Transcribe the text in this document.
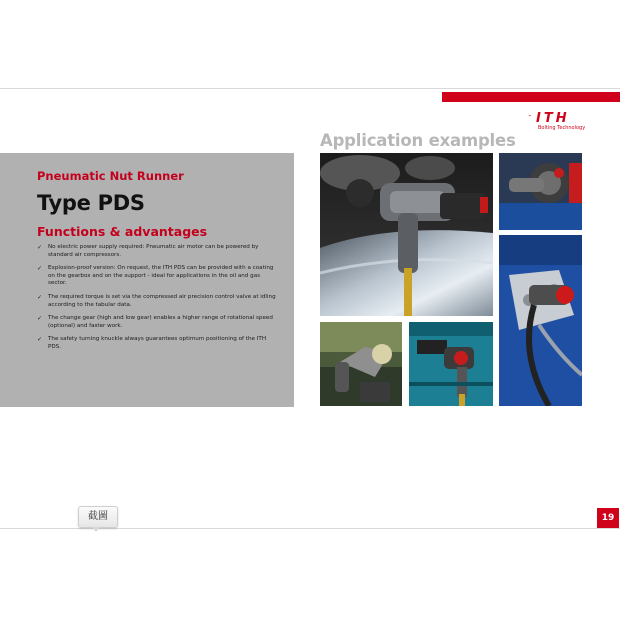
™ ITH
Bolting Technology
Application examples
Pneumatic Nut Runner
Type PDS
Functions & advantages
✓ No electric power supply required: Pneumatic air motor can be powered by standard air compressors.
✓ Explosion-proof version: On request, the ITH PDS can be provided with a coating on the gearbox and on the support - ideal for applications in the oil and gas sector.
✓ The required torque is set via the compressed air precision control valve at idling according to the tabular data.
✓ The change gear (high and low gear) enables a higher range of rotational speed (optional) and faster work.
✓ The safety turning knuckle always guarantees optimum positioning of the ITH PDS.
19
截圖
